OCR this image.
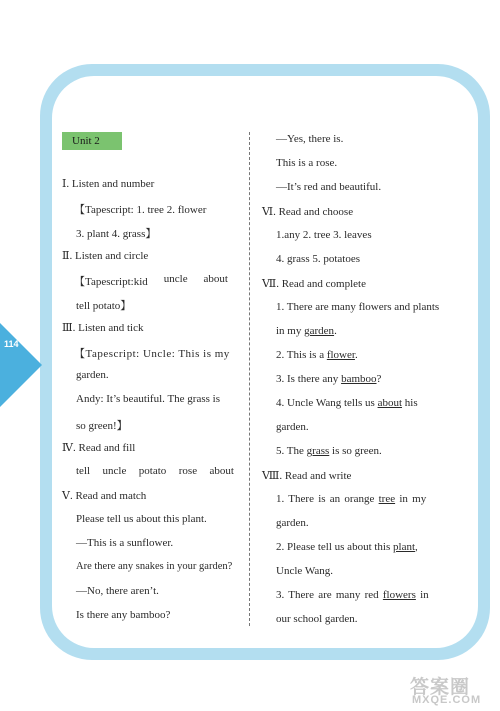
114
Unit 2
Ⅰ. Listen and number
【Tapescript: 1. tree 2. flower
3. plant 4. grass】
Ⅱ. Listen and circle
【Tapescript:kid uncle about
tell potato】
Ⅲ. Listen and tick
【Tapescript: Uncle: This is my
garden.
Andy: It’s beautiful. The grass is
so green!】
Ⅳ. Read and fill
tell uncle potato rose about
Ⅴ. Read and match
Please tell us about this plant.
—This is a sunflower.
Are there any snakes in your garden?
—No, there aren’t.
Is there any bamboo?
—Yes, there is.
This is a rose.
—It’s red and beautiful.
Ⅵ. Read and choose
1.any 2. tree 3. leaves
4. grass 5. potatoes
Ⅶ. Read and complete
1. There are many flowers and plants
in my garden.
2. This is a flower.
3. Is there any bamboo?
4. Uncle Wang tells us about his
garden.
5. The grass is so green.
Ⅷ. Read and write
1. There is an orange tree in my
garden.
2. Please tell us about this plant,
Uncle Wang.
3. There are many red flowers in
our school garden.
答案圈
MXQE.COM
